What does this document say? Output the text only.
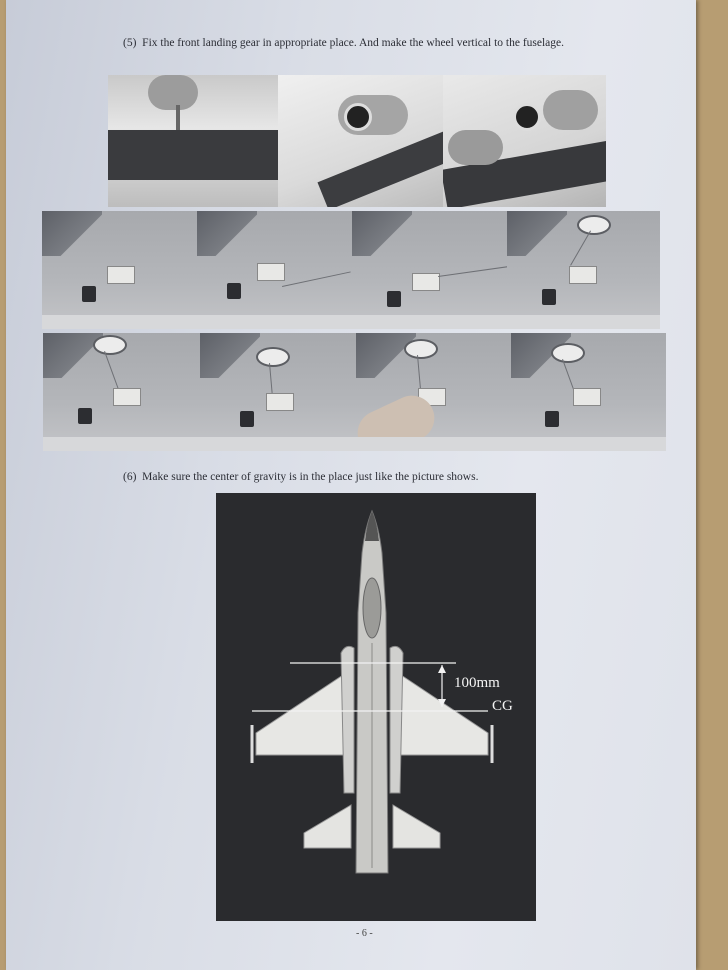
(5) Fix the front landing gear in appropriate place. And make the wheel vertical to the fuselage.
(6) Make sure the center of gravity is in the place just like the picture shows.
- 6 -
100mm
CG
